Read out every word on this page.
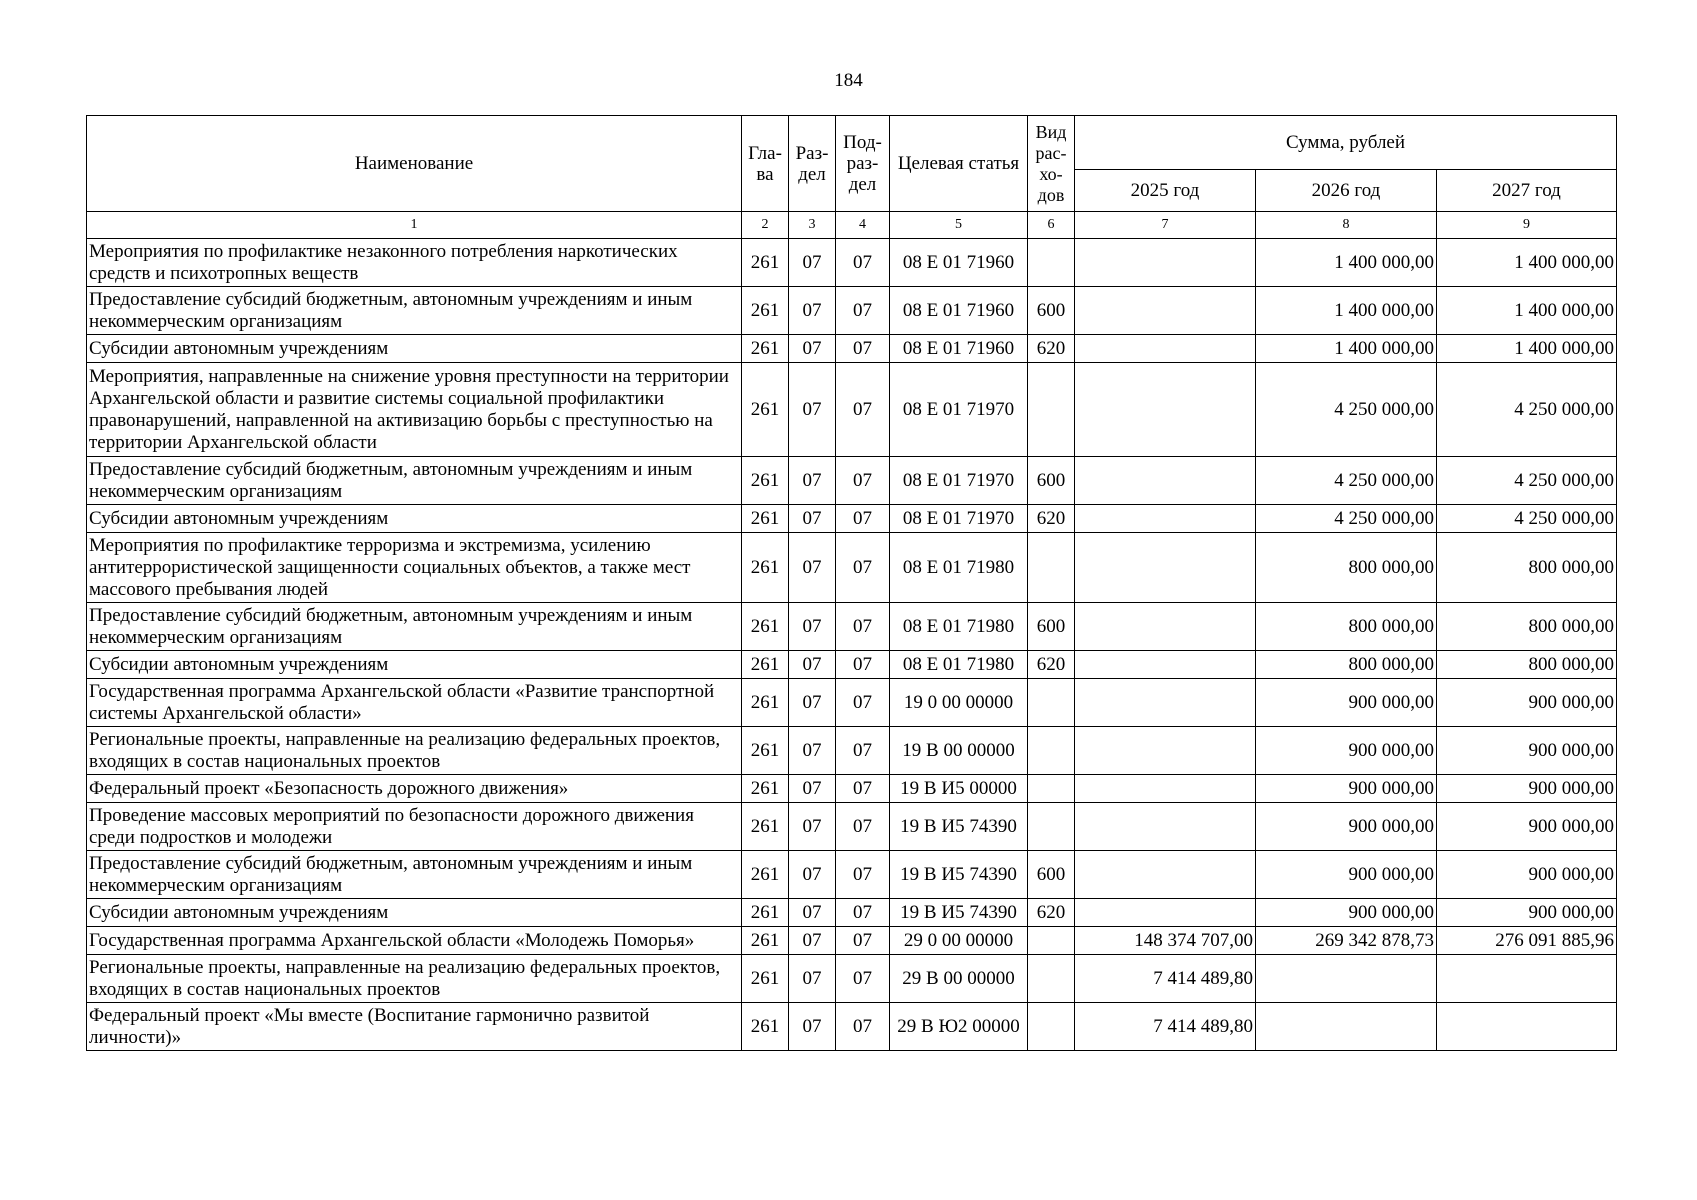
184
Наименование	Гла- ва	Раз- дел	Под- раз- дел	Целевая статья	Вид рас- хо- дов	Сумма, рублей		
						2025 год	2026 год	2027 год
1	2	3	4	5	6	7	8	9
Мероприятия по профилактике незаконного потребления наркотических средств и психотропных веществ	261	07	07	08 Е 01 71960			1 400 000,00	1 400 000,00
Предоставление субсидий бюджетным, автономным учреждениям и иным некоммерческим организациям	261	07	07	08 Е 01 71960	600		1 400 000,00	1 400 000,00
Субсидии автономным учреждениям	261	07	07	08 Е 01 71960	620		1 400 000,00	1 400 000,00
Мероприятия, направленные на снижение уровня преступности на территории Архангельской области и развитие системы социальной профилактики правонарушений, направленной на активизацию борьбы с преступностью на территории Архангельской области	261	07	07	08 Е 01 71970			4 250 000,00	4 250 000,00
Предоставление субсидий бюджетным, автономным учреждениям и иным некоммерческим организациям	261	07	07	08 Е 01 71970	600		4 250 000,00	4 250 000,00
Субсидии автономным учреждениям	261	07	07	08 Е 01 71970	620		4 250 000,00	4 250 000,00
Мероприятия по профилактике терроризма и экстремизма, усилению антитеррористической защищенности социальных объектов, а также мест массового пребывания людей	261	07	07	08 Е 01 71980			800 000,00	800 000,00
Предоставление субсидий бюджетным, автономным учреждениям и иным некоммерческим организациям	261	07	07	08 Е 01 71980	600		800 000,00	800 000,00
Субсидии автономным учреждениям	261	07	07	08 Е 01 71980	620		800 000,00	800 000,00
Государственная программа Архангельской области «Развитие транспортной системы Архангельской области»	261	07	07	19 0 00 00000			900 000,00	900 000,00
Региональные проекты, направленные на реализацию федеральных проектов, входящих в состав национальных проектов	261	07	07	19 В 00 00000			900 000,00	900 000,00
Федеральный проект «Безопасность дорожного движения»	261	07	07	19 В И5 00000			900 000,00	900 000,00
Проведение массовых мероприятий по безопасности дорожного движения среди подростков и молодежи	261	07	07	19 В И5 74390			900 000,00	900 000,00
Предоставление субсидий бюджетным, автономным учреждениям и иным некоммерческим организациям	261	07	07	19 В И5 74390	600		900 000,00	900 000,00
Субсидии автономным учреждениям	261	07	07	19 В И5 74390	620		900 000,00	900 000,00
Государственная программа Архангельской области «Молодежь Поморья»	261	07	07	29 0 00 00000		148 374 707,00	269 342 878,73	276 091 885,96
Региональные проекты, направленные на реализацию федеральных проектов, входящих в состав национальных проектов	261	07	07	29 В 00 00000		7 414 489,80		
Федеральный проект «Мы вместе (Воспитание гармонично развитой личности)»	261	07	07	29 В Ю2 00000		7 414 489,80		
